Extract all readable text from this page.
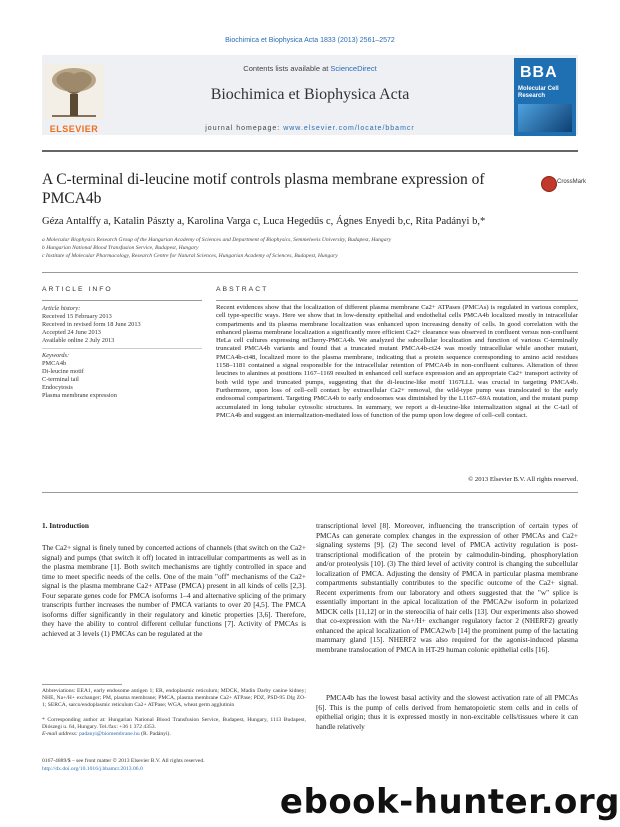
Biochimica et Biophysica Acta 1833 (2013) 2561–2572
ELSEVIER
Contents lists available at ScienceDirect
Biochimica et Biophysica Acta
journal homepage: www.elsevier.com/locate/bbamcr
BBA
Molecular Cell Research
A C-terminal di-leucine motif controls plasma membrane expression of PMCA4b
CrossMark
Géza Antalffy a, Katalin Pászty a, Karolina Varga c, Luca Hegedűs c, Ágnes Enyedi b,c, Rita Padányi b,*
a Molecular Biophysics Research Group of the Hungarian Academy of Sciences and Department of Biophysics, Semmelweis University, Budapest, Hungary
b Hungarian National Blood Transfusion Service, Budapest, Hungary
c Institute of Molecular Pharmacology, Research Centre for Natural Sciences, Hungarian Academy of Sciences, Budapest, Hungary
ARTICLE INFO
Article history:
Received 15 February 2013
Received in revised form 18 June 2013
Accepted 24 June 2013
Available online 2 July 2013
Keywords:
PMCA4b
Di-leucine motif
C-terminal tail
Endocytosis
Plasma membrane expression
ABSTRACT
Recent evidences show that the localization of different plasma membrane Ca2+ ATPases (PMCAs) is regulated in various complex, cell type-specific ways. Here we show that in low-density epithelial and endothelial cells PMCA4b localized mostly in intracellular compartments and its plasma membrane localization was enhanced upon increasing density of cells. In good correlation with the enhanced plasma membrane localization a significantly more efficient Ca2+ clearance was observed in confluent versus non-confluent HeLa cell cultures expressing mCherry-PMCA4b. We analyzed the subcellular localization and function of various C-terminally truncated PMCA4b variants and found that a truncated mutant PMCA4b-ct24 was mostly intracellular while another mutant, PMCA4b-ct48, localized more to the plasma membrane, indicating that a protein sequence corresponding to amino acid residues 1158–1181 contained a signal responsible for the intracellular retention of PMCA4b in non-confluent cultures. Alteration of three leucines to alanines at positions 1167–1169 resulted in enhanced cell surface expression and an appropriate Ca2+ transport activity of both wild type and truncated pumps, suggesting that the di-leucine-like motif 1167LLL was crucial in targeting PMCA4b. Furthermore, upon loss of cell–cell contact by extracellular Ca2+ removal, the wild-type pump was translocated to the early endosomal compartment. Targeting PMCA4b to early endosomes was diminished by the L1167–69A mutation, and the mutant pump accumulated in long tubular cytosolic structures. In summary, we report a di-leucine-like internalization signal at the C-tail of PMCA4b and suggest an internalization-mediated loss of function of the pump upon low degree of cell–cell contact.
© 2013 Elsevier B.V. All rights reserved.
1. Introduction
The Ca2+ signal is finely tuned by concerted actions of channels (that switch on the Ca2+ signal) and pumps (that switch it off) located in intracellular compartments as well as in the plasma membrane [1]. Both switch mechanisms are tightly controlled in space and time to meet specific needs of the cells. One of the main "off" mechanisms of the Ca2+ signal is the plasma membrane Ca2+ ATPase (PMCA) present in all kinds of cells [2,3]. Four separate genes code for PMCA isoforms 1–4 and alternative splicing of the primary transcripts further increases the number of PMCA variants to over 20 [4,5]. The PMCA isoforms differ significantly in their regulatory and kinetic properties [3,6]. Therefore, they have the ability to control different cellular functions [7]. Activity of PMCAs is achieved at 3 levels (1) PMCAs can be regulated at the
transcriptional level [8]. Moreover, influencing the transcription of certain types of PMCAs can generate complex changes in the expression of other PMCAs and Ca2+ signaling systems [9]. (2) The second level of PMCA activity regulation is post-transcriptional modification of the protein by calmodulin-binding, phosphorylation and/or proteolysis [10]. (3) The third level of activity control is changing the subcellular localization of PMCA. Adjusting the density of PMCA in particular plasma membrane compartments substantially contributes to the specific outcome of the Ca2+ signal. Recent experiments from our laboratory and others suggested that the "w" splice is essentially important in the apical localization of the PMCA2w isoform in polarized MDCK cells [11,12] or in the stereocilia of hair cells [13]. Our experiments also showed that co-expression with the Na+/H+ exchanger regulatory factor 2 (NHERF2) greatly enhanced the apical localization of PMCA2w/b [14] the prominent pump of the lactating mammary gland [15]. NHERF2 was also required for the agonist-induced plasma membrane translocation of PMCA in HT-29 human colonic epithelial cells [16].
PMCA4b has the lowest basal activity and the slowest activation rate of all PMCAs [6]. This is the pump of cells derived from hematopoietic stem cells and in cells of epithelial origin; thus it is expressed mostly in non-excitable cells/tissues where it can handle relatively
Abbreviations: EEA1, early endosome antigen 1; ER, endoplasmic reticulum; MDCK, Madin Darby canine kidney; NHE, Na+/H+ exchanger; PM, plasma membrane; PMCA, plasma membrane Ca2+ ATPase; PDZ, PSD-95 Dlg ZO-1; SERCA, sarco/endoplasmic reticulum Ca2+ ATPase; WGA, wheat germ agglutinin
* Corresponding author at: Hungarian National Blood Transfusion Service, Budapest, Hungary, 1113 Budapest, Diószegi u. 64, Hungary. Tel./fax: +36 1 372 4353.
E-mail address: padanyi@biomembrane.hu (R. Padányi).
0167-4889/$ – see front matter © 2013 Elsevier B.V. All rights reserved.
http://dx.doi.org/10.1016/j.bbamcr.2013.06.0
ebook-hunter.org
